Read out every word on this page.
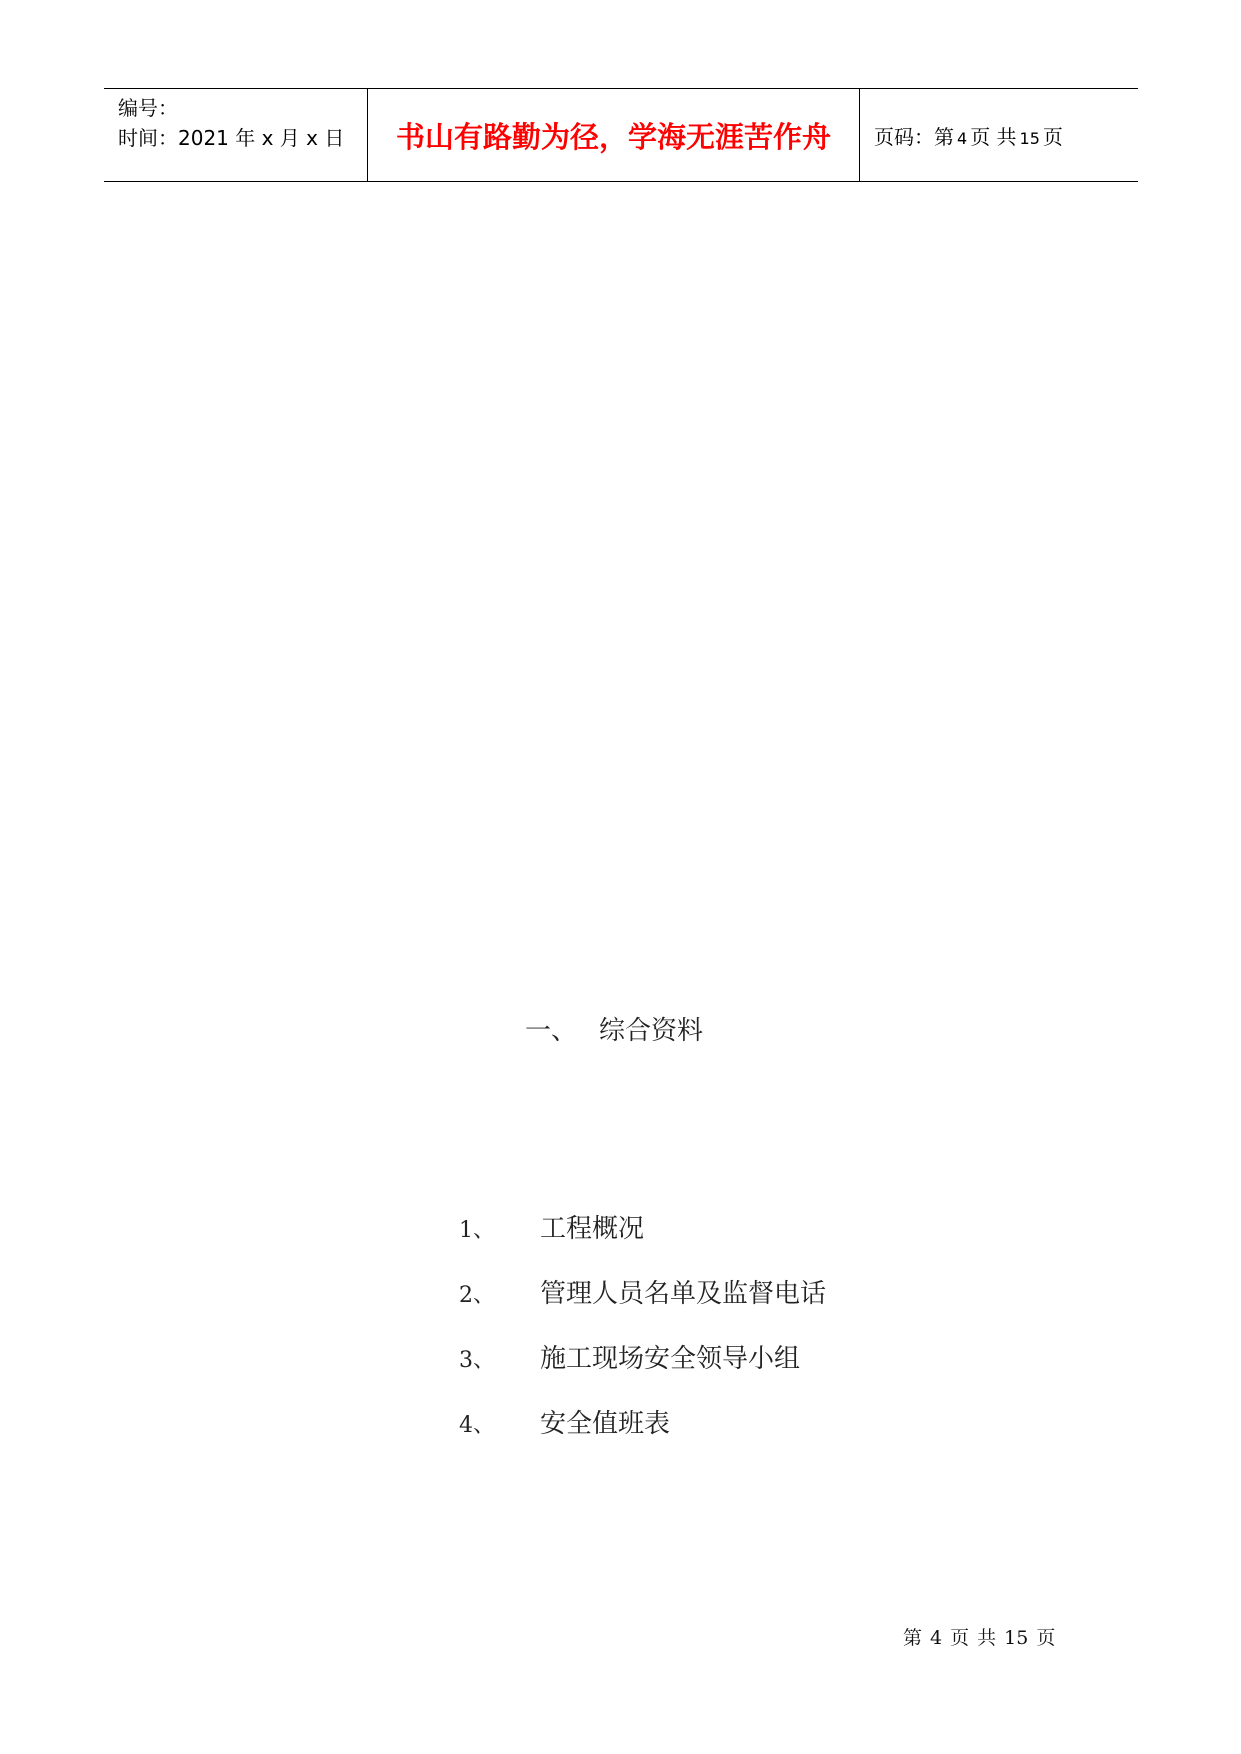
编号：
时间：2021 年 x 月 x 日	书山有路勤为径，学海无涯苦作舟 页码：第 4 页 共 15 页
一、 综合资料
1、	工程概况
2、	管理人员名单及监督电话
3、	施工现场安全领导小组
4、	安全值班表
第 4 页 共 15 页
